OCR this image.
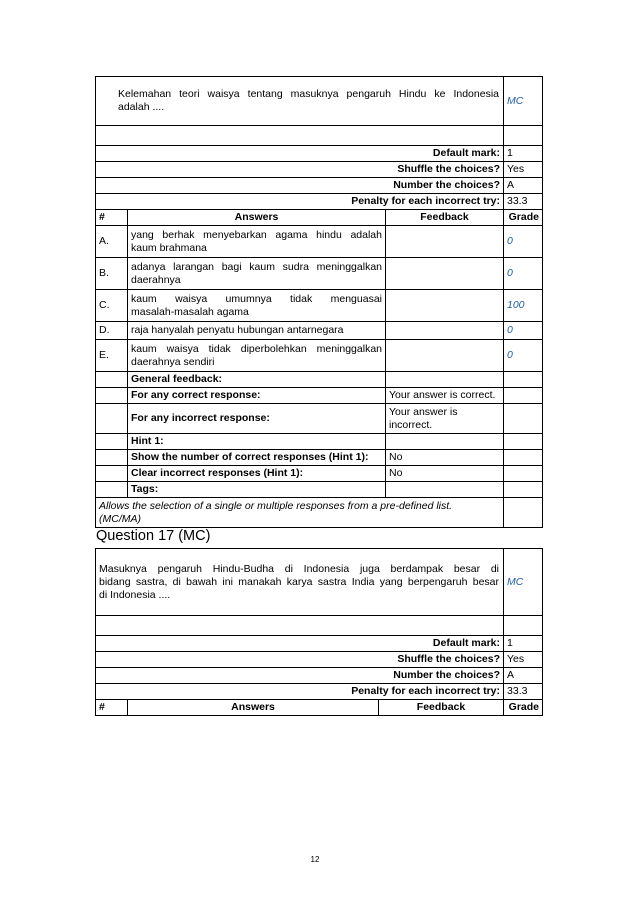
Kelemahan teori waisya tentang masuknya pengaruh Hindu ke Indonesia
adalah ....			MC

Default mark:			1
Shuffle the choices?			Yes
Number the choices?			A
Penalty for each incorrect try:			33.3
#	Answers	Feedback	Grade
A.	yang berhak menyebarkan agama hindu adalah
kaum brahmana		0
B.	adanya larangan bagi kaum sudra meninggalkan
daerahnya		0
C.	kaum waisya umumnya tidak menguasai
masalah-masalah agama		100
D.	raja hanyalah penyatu hubungan antarnegara		0
E.	kaum waisya tidak diperbolehkan meninggalkan
daerahnya sendiri		0
	General feedback:		
	For any correct response:	Your answer is correct.	
	For any incorrect response:	Your answer is
incorrect.	

	Hint 1:		
	Show the number of correct responses (Hint 1):	No	
	Clear incorrect responses (Hint 1):	No	
	Tags:		

Allows the selection of a single or multiple responses from a pre-defined list.
(MC/MA)			

Question 17 (MC)
Masuknya pengaruh Hindu-Budha di Indonesia juga berdampak besar di
bidang sastra, di bawah ini manakah karya sastra India yang berpengaruh besar
di Indonesia ....			MC

Default mark:			1
Shuffle the choices?			Yes
Number the choices?			A
Penalty for each incorrect try:			33.3
#	Answers	Feedback	Grade
12
